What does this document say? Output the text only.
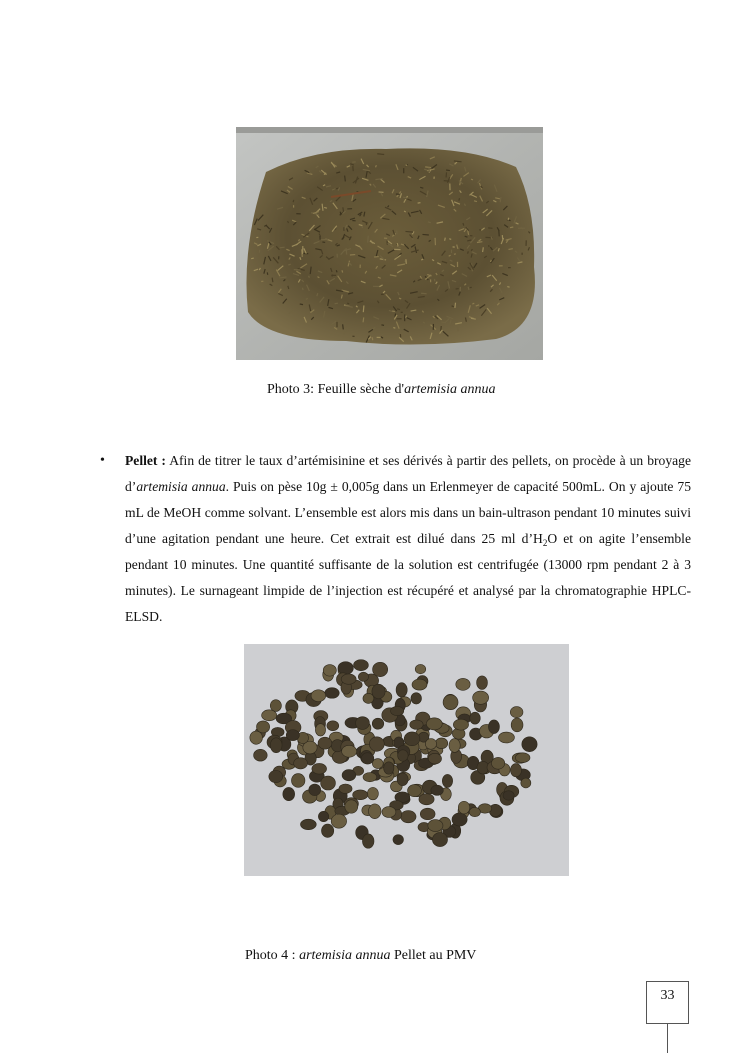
Photo 3: Feuille sèche d'artemisia annua
• Pellet : Afin de titrer le taux d’artémisinine et ses dérivés à partir des pellets, on procède à un broyage d’artemisia annua. Puis on pèse 10g ± 0,005g dans un Erlenmeyer de capacité 500mL. On y ajoute 75 mL de MeOH comme solvant. L’ensemble est alors mis dans un bain-ultrason pendant 10 minutes suivi d’une agitation pendant une heure. Cet extrait est dilué dans 25 ml $d’H_2O$ et on agite l’ensemble pendant 10 minutes. Une quantité suffisante de la solution est centrifugée (13000 rpm pendant 2 à 3 minutes). Le surnageant limpide de l’injection est récupéré et analysé par la chromatographie HPLC-ELSD.

Photo 4 : artemisia annua Pellet au PMV
33
